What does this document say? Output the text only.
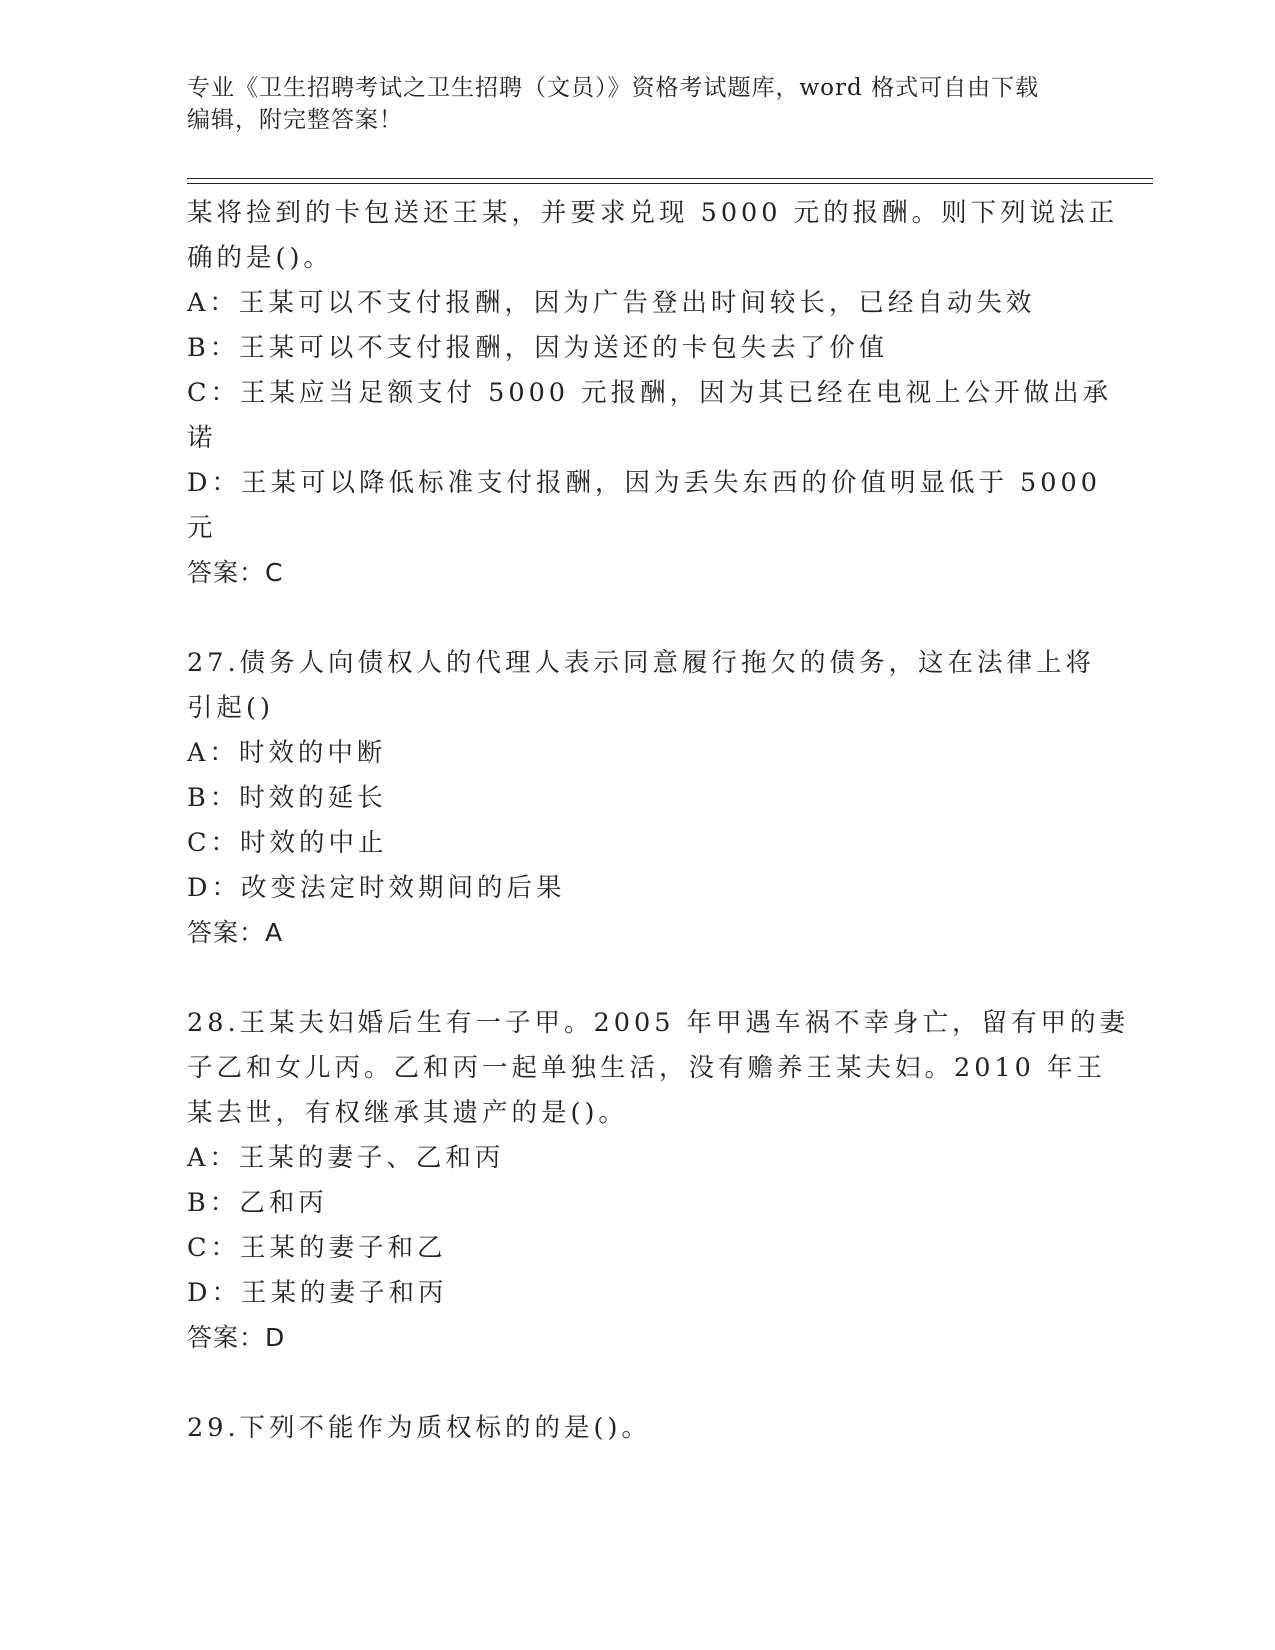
专业《卫生招聘考试之卫生招聘（文员）》资格考试题库，word 格式可自由下载
编辑，附完整答案！
某将捡到的卡包送还王某，并要求兑现 5000 元的报酬。则下列说法正
确的是()。
A：王某可以不支付报酬，因为广告登出时间较长，已经自动失效
B：王某可以不支付报酬，因为送还的卡包失去了价值
C：王某应当足额支付 5000 元报酬，因为其已经在电视上公开做出承
诺
D：王某可以降低标准支付报酬，因为丢失东西的价值明显低于 5000
元
答案：C
27.债务人向债权人的代理人表示同意履行拖欠的债务，这在法律上将
引起()
A：时效的中断
B：时效的延长
C：时效的中止
D：改变法定时效期间的后果
答案：A
28.王某夫妇婚后生有一子甲。2005 年甲遇车祸不幸身亡，留有甲的妻
子乙和女儿丙。乙和丙一起单独生活，没有赡养王某夫妇。2010 年王
某去世，有权继承其遗产的是()。
A：王某的妻子、乙和丙
B：乙和丙
C：王某的妻子和乙
D：王某的妻子和丙
答案：D
29.下列不能作为质权标的的是()。
